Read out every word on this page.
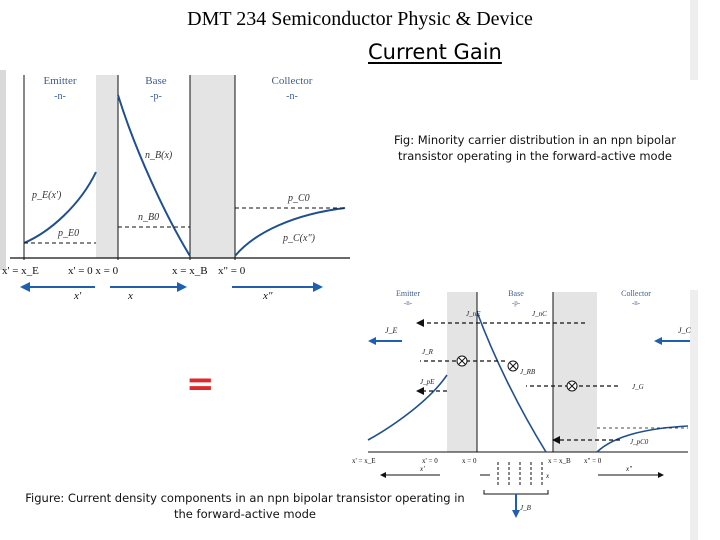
DMT 234 Semiconductor Physic & Device
Current Gain
Emitter
-n-
Base
-p-
Collector
-n-
p_E(x')
n_B(x)
p_C(x")
p_E0
n_B0
p_C0
x' = x_E	x' = 0 x = 0	x = x_B x" = 0
x'	x	x"
Fig: Minority carrier distribution in an npn bipolar transistor operating in the forward-active mode
=
Emitter
-n-
Base
-p-
Collector
-n-
J_E	J_C
J_nE	J_nC
J_R
J_RB
J_pE
J_G
J_pC0
J_B
x' = x_E	x' = 0	x = 0	x = x_B x" = 0
x'
x
x"
Figure: Current density components in an npn bipolar transistor operating in the forward-active mode
